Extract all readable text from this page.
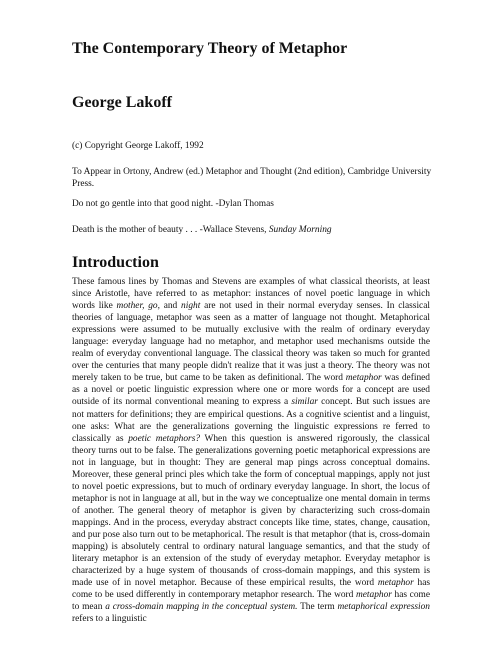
The Contemporary Theory of Metaphor
George Lakoff

(c) Copyright George Lakoff, 1992

To Appear in Ortony, Andrew (ed.) Metaphor and Thought (2nd edition), Cambridge University Press.

Do not go gentle into that good night. -Dylan Thomas

Death is the mother of beauty . . . -Wallace Stevens, Sunday Morning

Introduction

These famous lines by Thomas and Stevens are examples of what classical theorists, at least since Aristotle, have referred to as metaphor: instances of novel poetic language in which words like mother, go, and night are not used in their normal everyday senses. In classical theories of language, metaphor was seen as a matter of language not thought. Metaphorical expressions were assumed to be mutually exclusive with the realm of ordinary everyday language: everyday language had no metaphor, and metaphor used mechanisms outside the realm of everyday conventional language. The classical theory was taken so much for granted over the centuries that many people didn't realize that it was just a theory. The theory was not merely taken to be true, but came to be taken as definitional. The word metaphor was defined as a novel or poetic linguistic expression where one or more words for a concept are used outside of its normal conventional meaning to express a similar concept. But such issues are not matters for definitions; they are empirical questions. As a cognitive scientist and a linguist, one asks: What are the generalizations governing the linguistic expressions re ferred to classically as poetic metaphors? When this question is answered rigorously, the classical theory turns out to be false. The generalizations governing poetic metaphorical expressions are not in language, but in thought: They are general map pings across conceptual domains. Moreover, these general princi ples which take the form of conceptual mappings, apply not just to novel poetic expressions, but to much of ordinary everyday language. In short, the locus of metaphor is not in language at all, but in the way we conceptualize one mental domain in terms of another. The general theory of metaphor is given by characterizing such cross-domain mappings. And in the process, everyday abstract concepts like time, states, change, causation, and pur pose also turn out to be metaphorical. The result is that metaphor (that is, cross-domain mapping) is absolutely central to ordinary natural language semantics, and that the study of literary metaphor is an extension of the study of everyday metaphor. Everyday metaphor is characterized by a huge system of thousands of cross-domain mappings, and this system is made use of in novel metaphor. Because of these empirical results, the word metaphor has come to be used differently in contemporary metaphor research. The word metaphor has come to mean a cross-domain mapping in the conceptual system. The term metaphorical expression refers to a linguistic
